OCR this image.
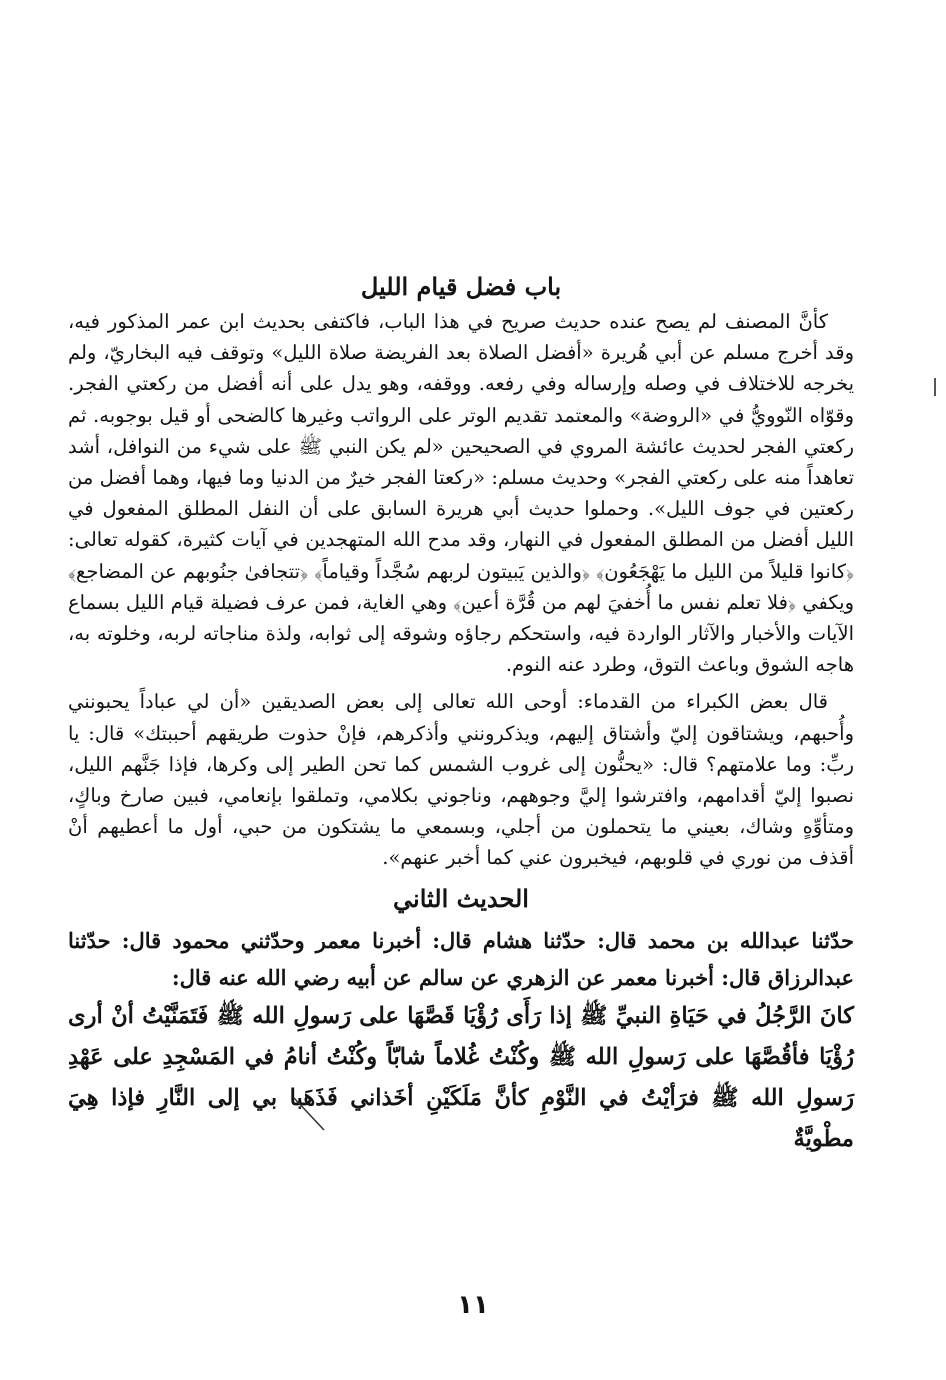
باب فضل قيام الليل

كأنَّ المصنف لم يصح عنده حديث صريح في هذا الباب، فاكتفى بحديث ابن عمر المذكور فيه، وقد أخرج مسلم عن أبي هُريرة «أفضل الصلاة بعد الفريضة صلاة الليل» وتوقف فيه البخاريّ، ولم يخرجه للاختلاف في وصله وإرساله وفي رفعه. ووقفه، وهو يدل على أنه أفضل من ركعتي الفجر. وقوّاه النّوويُّ في «الروضة» والمعتمد تقديم الوتر على الرواتب وغيرها كالضحى أو قيل بوجوبه. ثم ركعتي الفجر لحديث عائشة المروي في الصحيحين «لم يكن النبي ﷺ على شيء من النوافل، أشد تعاهداً منه على ركعتي الفجر» وحديث مسلم: «ركعتا الفجر خيرٌ من الدنيا وما فيها، وهما أفضل من ركعتين في جوف الليل». وحملوا حديث أبي هريرة السابق على أن النفل المطلق المفعول في الليل أفضل من المطلق المفعول في النهار، وقد مدح الله المتهجدين في آيات كثيرة، كقوله تعالى: ﴿كانوا قليلاً من الليل ما يَهْجَعُون﴾ ﴿والذين يَبيتون لربهم سُجَّداً وقياماً﴾ ﴿تتجافىٰ جنُوبهم عن المضاجع﴾ ويكفي ﴿فلا تعلم نفس ما أُخفيَ لهم من قُرَّة أعين﴾ وهي الغاية، فمن عرف فضيلة قيام الليل بسماع الآيات والأخبار والآثار الواردة فيه، واستحكم رجاؤه وشوقه إلى ثوابه، ولذة مناجاته لربه، وخلوته به، هاجه الشوق وباعث التوق، وطرد عنه النوم.

قال بعض الكبراء من القدماء: أوحى الله تعالى إلى بعض الصديقين «أن لي عباداً يحبونني وأُحبهم، ويشتاقون إليّ وأشتاق إليهم، ويذكرونني وأذكرهم، فإنْ حذوت طريقهم أحببتك» قال: يا ربِّ: وما علامتهم؟ قال: «يحنُّون إلى غروب الشمس كما تحن الطير إلى وكرها، فإذا جَنَّهم الليل، نصبوا إليّ أقدامهم، وافترشوا إليَّ وجوههم، وناجوني بكلامي، وتملقوا بإنعامي، فبين صارخ وباكٍ، ومتأوِّهٍ وشاك، بعيني ما يتحملون من أجلي، وبسمعي ما يشتكون من حبي، أول ما أعطيهم أنْ أقذف من نوري في قلوبهم، فيخبرون عني كما أخبر عنهم».

الحديث الثاني

حدّثنا عبدالله بن محمد قال: حدّثنا هشام قال: أخبرنا معمر وحدّثني محمود قال: حدّثنا عبدالرزاق قال: أخبرنا معمر عن الزهري عن سالم عن أبيه رضي الله عنه قال:

كانَ الرَّجُلُ في حَيَاةِ النبيِّ ﷺ إذا رَأَى رُؤْيَا قَصَّهَا على رَسولِ الله ﷺ فَتَمَنَّيْتُ أنْ أرى رُؤْيَا فأقُصَّهَا على رَسولِ الله ﷺ وكُنْتُ غُلاماً شابّاً وكُنْتُ أنامُ في المَسْجِدِ على عَهْدِ رَسولِ الله ﷺ فرَأيْتُ في النَّوْمِ كأنَّ مَلَكَيْنِ أخَذاني فَذَهَبا بي إلى النَّارِ فإذا هِيَ مطْويَّةٌ

١١
